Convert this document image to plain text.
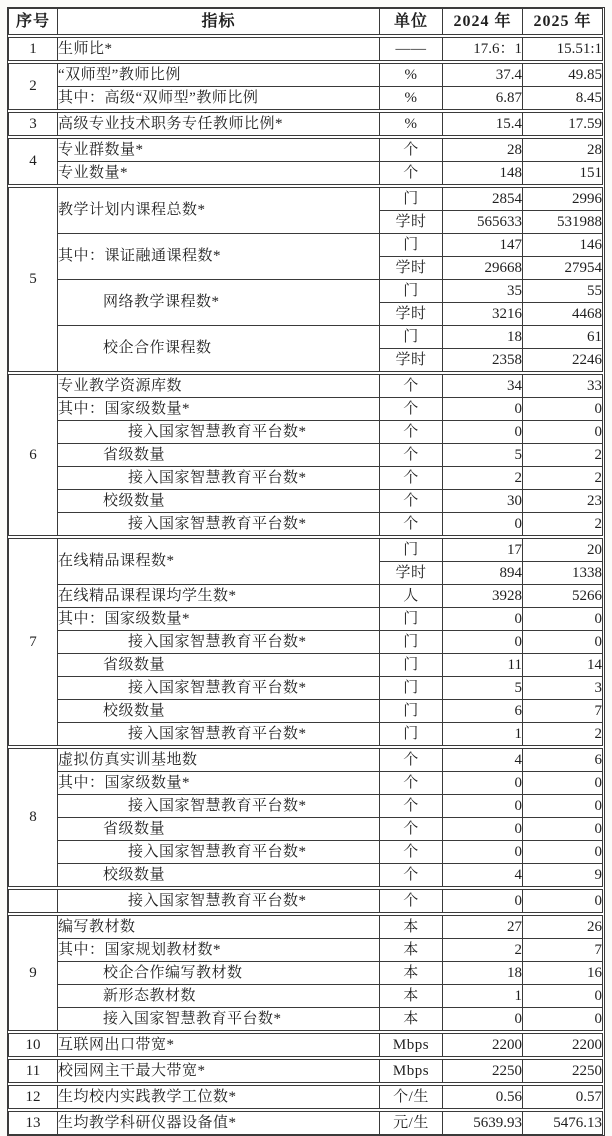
序号	指标	单位	2024 年	2025 年
1	生师比*	——	17.6：1	15.51:1
2	“双师型”教师比例	%	37.4	49.85
	其中：高级“双师型”教师比例	%	6.87	8.45
3	高级专业技术职务专任教师比例*	%	15.4	17.59
4	专业群数量*	个	28	28
	专业数量*	个	148	151
5	教学计划内课程总数*	门	2854	2996
		学时	565633	531988
	其中：课证融通课程数*	门	147	146
		学时	29668	27954
	网络教学课程数*	门	35	55
		学时	3216	4468
	校企合作课程数	门	18	61
		学时	2358	2246
6	专业教学资源库数	个	34	33
	其中：国家级数量*	个	0	0
	接入国家智慧教育平台数*	个	0	0
	省级数量	个	5	2
	接入国家智慧教育平台数*	个	2	2
	校级数量	个	30	23
	接入国家智慧教育平台数*	个	0	2
7	在线精品课程数*	门	17	20
		学时	894	1338
	在线精品课程课均学生数*	人	3928	5266
	其中：国家级数量*	门	0	0
	接入国家智慧教育平台数*	门	0	0
	省级数量	门	11	14
	接入国家智慧教育平台数*	门	5	3
	校级数量	门	6	7
	接入国家智慧教育平台数*	门	1	2
8	虚拟仿真实训基地数	个	4	6
	其中：国家级数量*	个	0	0
	接入国家智慧教育平台数*	个	0	0
	省级数量	个	0	0
	接入国家智慧教育平台数*	个	0	0
	校级数量	个	4	9
	接入国家智慧教育平台数*	个	0	0
9	编写教材数	本	27	26
	其中：国家规划教材数*	本	2	7
	校企合作编写教材数	本	18	16
	新形态教材数	本	1	0
	接入国家智慧教育平台数*	本	0	0
10	互联网出口带宽*	Mbps	2200	2200
11	校园网主干最大带宽*	Mbps	2250	2250
12	生均校内实践教学工位数*	个/生	0.56	0.57
13	生均教学科研仪器设备值*	元/生	5639.93	5476.13
